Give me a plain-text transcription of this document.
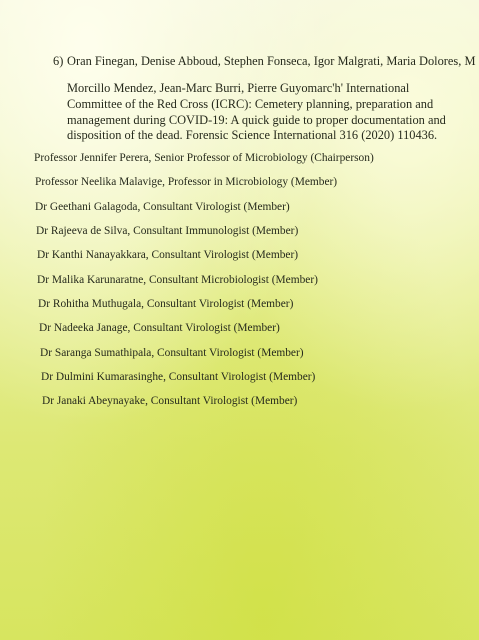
6) Oran Finegan, Denise Abboud, Stephen Fonseca, Igor Malgrati, Maria Dolores, M
Morcillo Mendez, Jean-Marc Burri, Pierre Guyomarc'h' International Committee of the Red Cross (ICRC): Cemetery planning, preparation and management during COVID-19: A quick guide to proper documentation and disposition of the dead. Forensic Science International 316 (2020) 110436.
Professor Jennifer Perera, Senior Professor of Microbiology (Chairperson)
Professor Neelika Malavige, Professor in Microbiology (Member)
Dr Geethani Galagoda, Consultant Virologist (Member)
Dr Rajeeva de Silva, Consultant Immunologist (Member)
Dr Kanthi Nanayakkara, Consultant Virologist (Member)
Dr Malika Karunaratne, Consultant Microbiologist (Member)
Dr Rohitha Muthugala, Consultant Virologist (Member)
Dr Nadeeka Janage, Consultant Virologist (Member)
Dr Saranga Sumathipala, Consultant Virologist (Member)
Dr Dulmini Kumarasinghe, Consultant Virologist (Member)
Dr Janaki Abeynayake, Consultant Virologist (Member)
